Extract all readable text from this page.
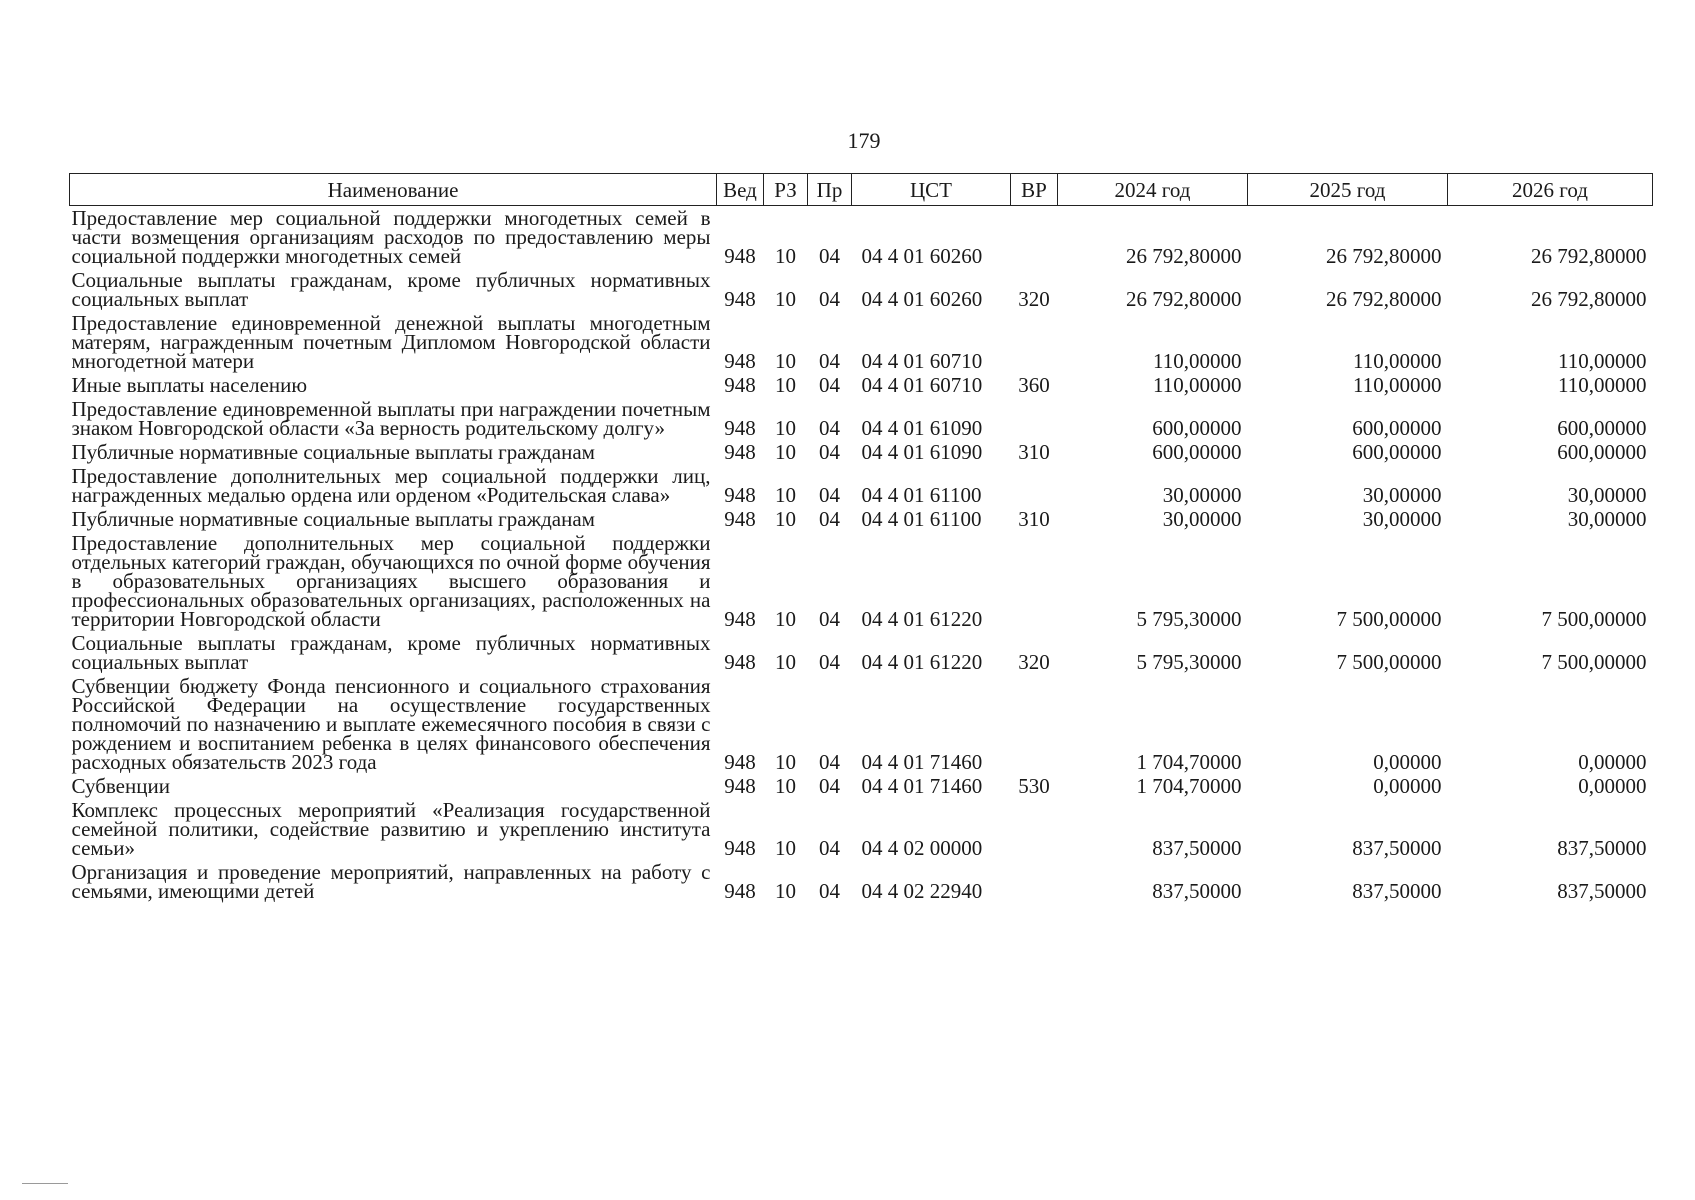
179
Наименование	Вед	РЗ	Пр	ЦСТ	ВР	2024 год	2025 год	2026 год
Предоставление мер социальной поддержки многодетных семей в части возмещения организациям расходов по предоставлению меры социальной поддержки многодетных семей	948	10	04	04 4 01 60260		26 792,80000	26 792,80000	26 792,80000
Социальные выплаты гражданам, кроме публичных нормативных социальных выплат	948	10	04	04 4 01 60260	320	26 792,80000	26 792,80000	26 792,80000
Предоставление единовременной денежной выплаты многодетным матерям, награжденным почетным Дипломом Новгородской области многодетной матери	948	10	04	04 4 01 60710		110,00000	110,00000	110,00000
Иные выплаты населению	948	10	04	04 4 01 60710	360	110,00000	110,00000	110,00000
Предоставление единовременной выплаты при награждении почетным знаком Новгородской области «За верность родительскому долгу»	948	10	04	04 4 01 61090		600,00000	600,00000	600,00000
Публичные нормативные социальные выплаты гражданам	948	10	04	04 4 01 61090	310	600,00000	600,00000	600,00000
Предоставление дополнительных мер социальной поддержки лиц, награжденных медалью ордена или орденом «Родительская слава»	948	10	04	04 4 01 61100		30,00000	30,00000	30,00000
Публичные нормативные социальные выплаты гражданам	948	10	04	04 4 01 61100	310	30,00000	30,00000	30,00000
Предоставление дополнительных мер социальной поддержки отдельных категорий граждан, обучающихся по очной форме обучения в образовательных организациях высшего образования и профессиональных образовательных организациях, расположенных на территории Новгородской области	948	10	04	04 4 01 61220		5 795,30000	7 500,00000	7 500,00000
Социальные выплаты гражданам, кроме публичных нормативных социальных выплат	948	10	04	04 4 01 61220	320	5 795,30000	7 500,00000	7 500,00000
Субвенции бюджету Фонда пенсионного и социального страхования Российской Федерации на осуществление государственных полномочий по назначению и выплате ежемесячного пособия в связи с рождением и воспитанием ребенка в целях финансового обеспечения расходных обязательств 2023 года	948	10	04	04 4 01 71460		1 704,70000	0,00000	0,00000
Субвенции	948	10	04	04 4 01 71460	530	1 704,70000	0,00000	0,00000
Комплекс процессных мероприятий «Реализация государственной семейной политики, содействие развитию и укреплению института семьи»	948	10	04	04 4 02 00000		837,50000	837,50000	837,50000
Организация и проведение мероприятий, направленных на работу с семьями, имеющими детей	948	10	04	04 4 02 22940		837,50000	837,50000	837,50000
